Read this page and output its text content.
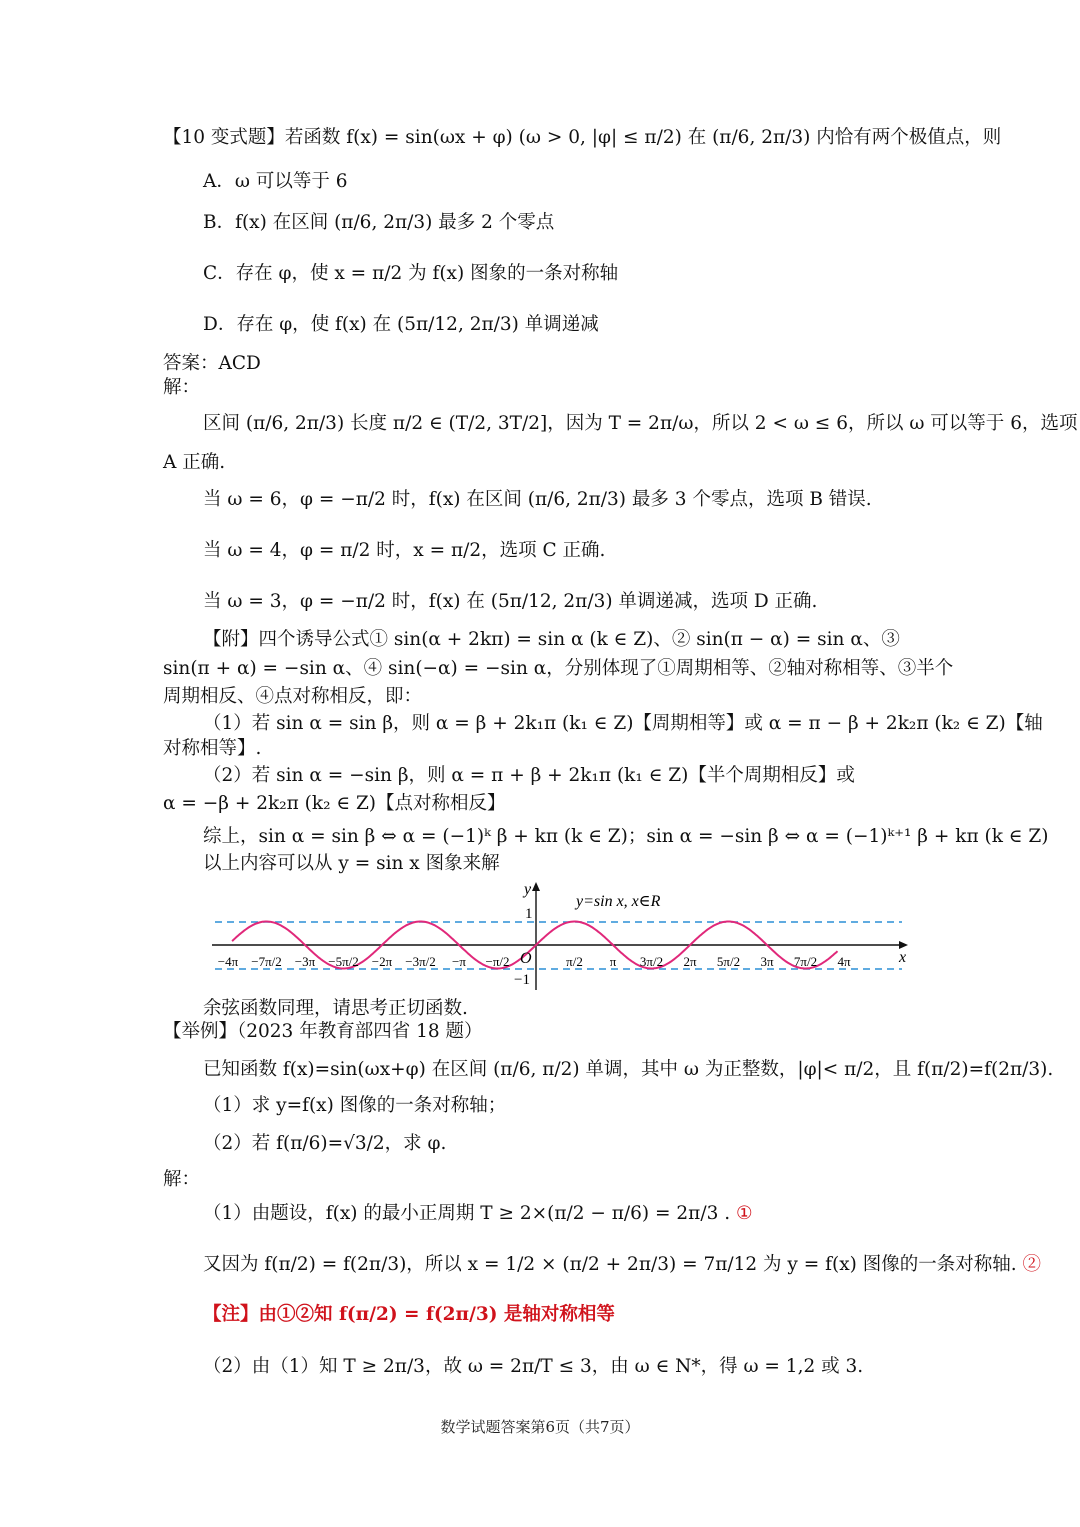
【10 变式题】若函数 f(x) = sin(ωx + φ) (ω > 0, |φ| ≤ π/2) 在 (π/6, 2π/3) 内恰有两个极值点，则
A．ω 可以等于 6
B．f(x) 在区间 (π/6, 2π/3) 最多 2 个零点
C．存在 φ，使 x = π/2 为 f(x) 图象的一条对称轴
D．存在 φ，使 f(x) 在 (5π/12, 2π/3) 单调递减
答案：ACD
解：
区间 (π/6, 2π/3) 长度 π/2 ∈ (T/2, 3T/2]，因为 T = 2π/ω，所以 2 < ω ≤ 6，所以 ω 可以等于 6，选项
A 正确.
当 ω = 6，φ = −π/2 时，f(x) 在区间 (π/6, 2π/3) 最多 3 个零点，选项 B 错误.
当 ω = 4，φ = π/2 时，x = π/2，选项 C 正确.
当 ω = 3，φ = −π/2 时，f(x) 在 (5π/12, 2π/3) 单调递减，选项 D 正确.
【附】四个诱导公式① sin(α + 2kπ) = sin α (k ∈ Z)、② sin(π − α) = sin α、③
sin(π + α) = −sin α、④ sin(−α) = −sin α，分别体现了①周期相等、②轴对称相等、③半个
周期相反、④点对称相反，即：
（1）若 sin α = sin β，则 α = β + 2k₁π (k₁ ∈ Z)【周期相等】或 α = π − β + 2k₂π (k₂ ∈ Z)【轴
对称相等】.
（2）若 sin α = −sin β，则 α = π + β + 2k₁π (k₁ ∈ Z)【半个周期相反】或
α = −β + 2k₂π (k₂ ∈ Z)【点对称相反】
综上，sin α = sin β ⇔ α = (−1)ᵏ β + kπ (k ∈ Z)；sin α = −sin β ⇔ α = (−1)ᵏ⁺¹ β + kπ (k ∈ Z)
以上内容可以从 y = sin x 图象来解
y=sin x, x∈R
y
x
O
1
−1
−4π −7π/2 −3π −5π/2 −2π −3π/2 −π −π/2	π/2 π 3π/2 2π 5π/2 3π 7π/2 4π
余弦函数同理，请思考正切函数.
【举例】（2023 年教育部四省 18 题）
已知函数 f(x)=sin(ωx+φ) 在区间 (π/6, π/2) 单调，其中 ω 为正整数，|φ|< π/2，且 f(π/2)=f(2π/3).
（1）求 y=f(x) 图像的一条对称轴；
（2）若 f(π/6)=√3/2，求 φ.
解：
（1）由题设，f(x) 的最小正周期 T ≥ 2×(π/2 − π/6) = 2π/3 . ①
又因为 f(π/2) = f(2π/3)，所以 x = 1/2 × (π/2 + 2π/3) = 7π/12 为 y = f(x) 图像的一条对称轴. ②
【注】由①②知 f(π/2) = f(2π/3) 是轴对称相等
（2）由（1）知 T ≥ 2π/3，故 ω = 2π/T ≤ 3，由 ω ∈ N*，得 ω = 1,2 或 3.
数学试题答案第6页（共7页）
